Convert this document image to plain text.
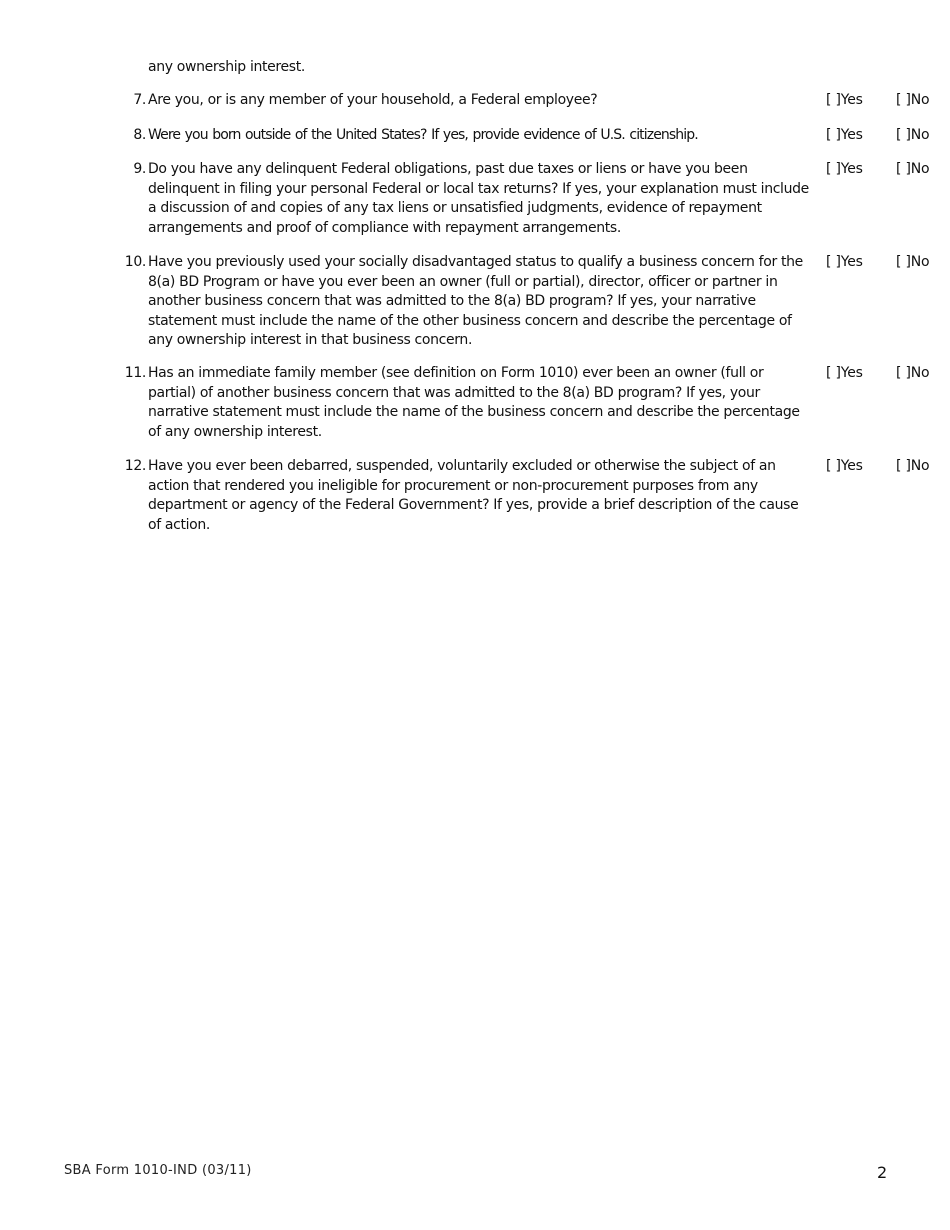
any ownership interest.

7. Are you, or is any member of your household, a Federal employee?	[ ]Yes [ ]No
8. Were you born outside of the United States? If yes, provide evidence of U.S. citizenship.	[ ]Yes [ ]No
9. Do you have any delinquent Federal obligations, past due taxes or liens or have you been delinquent in filing your personal Federal or local tax returns? If yes, your explanation must include a discussion of and copies of any tax liens or unsatisfied judgments, evidence of repayment arrangements and proof of compliance with repayment arrangements.

[ ]Yes [ ]No
10. Have you previously used your socially disadvantaged status to qualify a business concern for the 8(a) BD Program or have you ever been an owner (full or partial), director, officer or partner in another business concern that was admitted to the 8(a) BD program? If yes, your narrative statement must include the name of the other business concern and describe the percentage of any ownership interest in that business concern.

[ ]Yes [ ]No
11. Has an immediate family member (see definition on Form 1010) ever been an owner (full or partial) of another business concern that was admitted to the 8(a) BD program? If yes, your narrative statement must include the name of the business concern and describe the percentage of any ownership interest.

[ ]Yes [ ]No
12. Have you ever been debarred, suspended, voluntarily excluded or otherwise the subject of an action that rendered you ineligible for procurement or non-procurement purposes from any department or agency of the Federal Government? If yes, provide a brief description of the cause of action.

[ ]Yes [ ]No
SBA Form 1010-IND (03/11)	2
